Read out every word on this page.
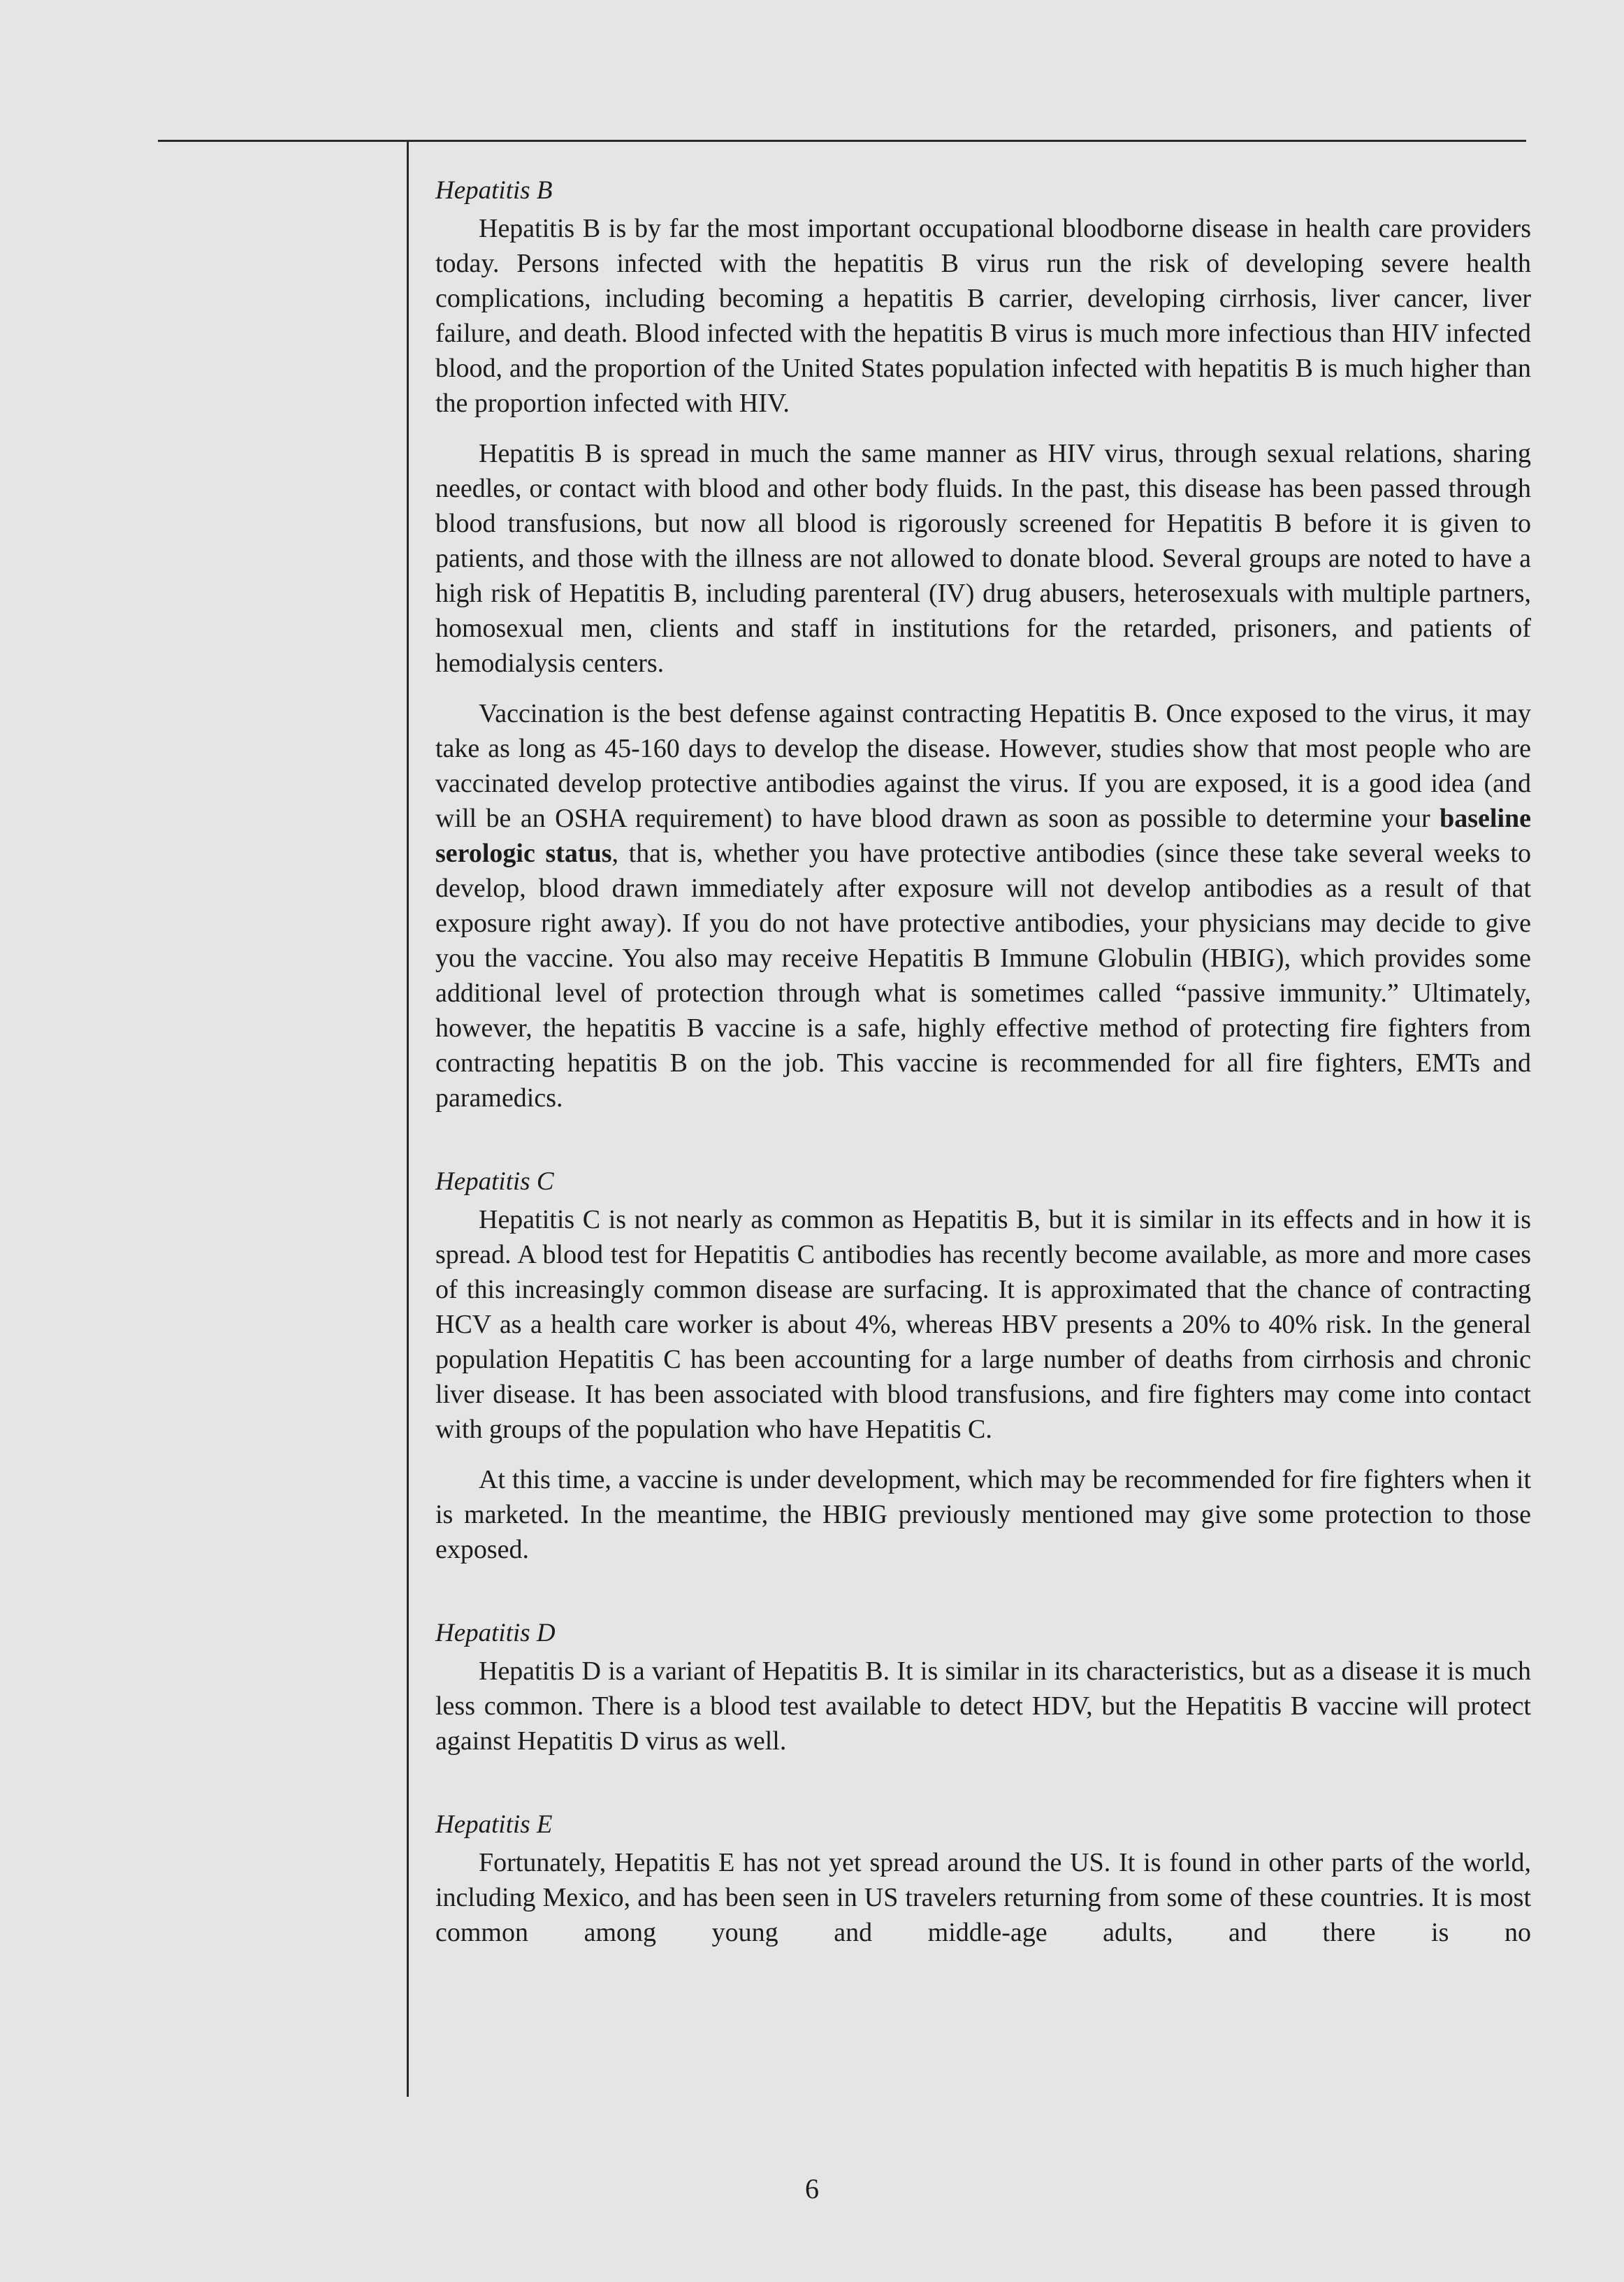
Hepatitis B

Hepatitis B is by far the most important occupational bloodborne disease in health care providers today. Persons infected with the hepatitis B virus run the risk of developing severe health complications, including becoming a hepatitis B carrier, developing cirrhosis, liver cancer, liver failure, and death. Blood infected with the hepatitis B virus is much more infectious than HIV infected blood, and the proportion of the United States population infected with hepatitis B is much higher than the proportion infected with HIV.

Hepatitis B is spread in much the same manner as HIV virus, through sexual relations, sharing needles, or contact with blood and other body fluids. In the past, this disease has been passed through blood transfusions, but now all blood is rigorously screened for Hepatitis B before it is given to patients, and those with the illness are not allowed to donate blood. Several groups are noted to have a high risk of Hepatitis B, including parenteral (IV) drug abusers, heterosexuals with multiple partners, homosexual men, clients and staff in institutions for the retarded, prisoners, and patients of hemodialysis centers.

Vaccination is the best defense against contracting Hepatitis B. Once exposed to the virus, it may take as long as 45-160 days to develop the disease. However, studies show that most people who are vaccinated develop protective antibodies against the virus. If you are exposed, it is a good idea (and will be an OSHA requirement) to have blood drawn as soon as possible to determine your baseline serologic status, that is, whether you have protective antibodies (since these take several weeks to develop, blood drawn immediately after exposure will not develop antibodies as a result of that exposure right away). If you do not have protective antibodies, your physicians may decide to give you the vaccine. You also may receive Hepatitis B Immune Globulin (HBIG), which provides some additional level of protection through what is sometimes called “passive immunity.” Ultimately, however, the hepatitis B vaccine is a safe, highly effective method of protecting fire fighters from contracting hepatitis B on the job. This vaccine is recommended for all fire fighters, EMTs and paramedics.

Hepatitis C

Hepatitis C is not nearly as common as Hepatitis B, but it is similar in its effects and in how it is spread. A blood test for Hepatitis C antibodies has recently become available, as more and more cases of this increasingly common disease are surfacing. It is approximated that the chance of contracting HCV as a health care worker is about 4%, whereas HBV presents a 20% to 40% risk. In the general population Hepatitis C has been accounting for a large number of deaths from cirrhosis and chronic liver disease. It has been associated with blood transfusions, and fire fighters may come into contact with groups of the population who have Hepatitis C.

At this time, a vaccine is under development, which may be recommended for fire fighters when it is marketed. In the meantime, the HBIG previously mentioned may give some protection to those exposed.

Hepatitis D

Hepatitis D is a variant of Hepatitis B. It is similar in its characteristics, but as a disease it is much less common. There is a blood test available to detect HDV, but the Hepatitis B vaccine will protect against Hepatitis D virus as well.

Hepatitis E

Fortunately, Hepatitis E has not yet spread around the US. It is found in other parts of the world, including Mexico, and has been seen in US travelers returning from some of these countries. It is most common among young and middle-age adults, and there is no

6
